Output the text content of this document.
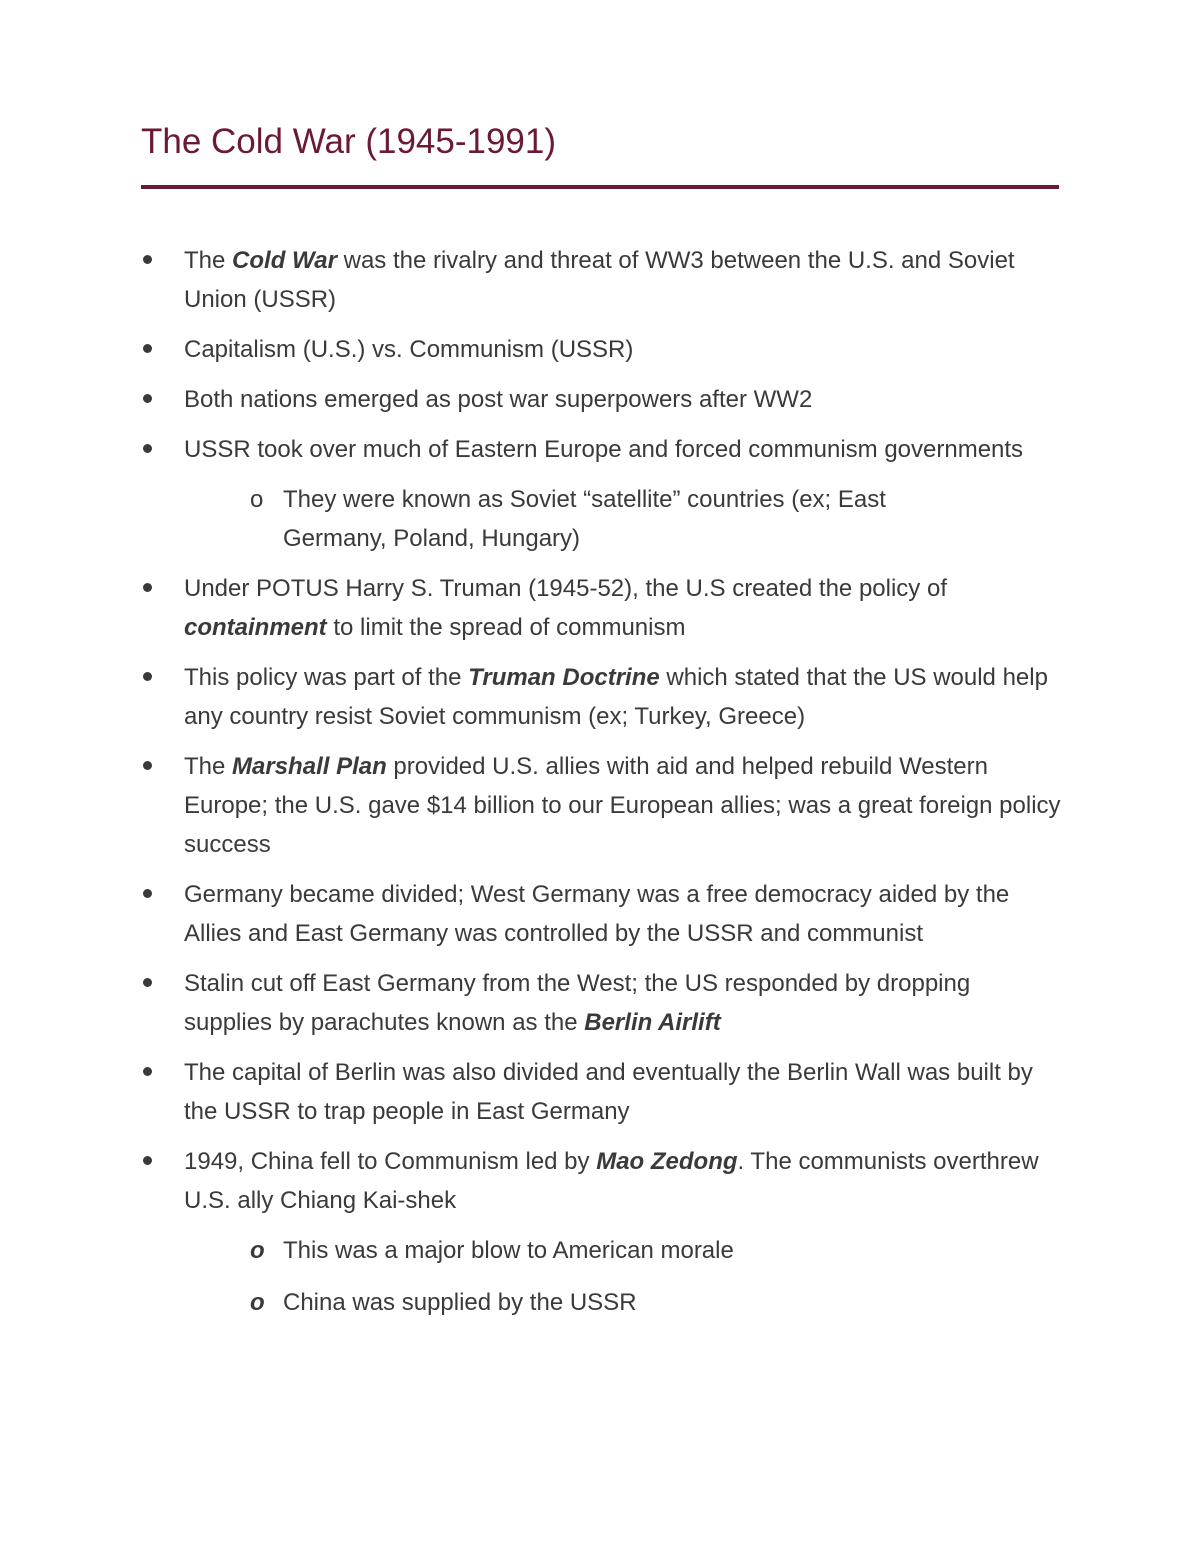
The Cold War (1945-1991)
The Cold War was the rivalry and threat of WW3 between the U.S. and Soviet Union (USSR)
Capitalism (U.S.) vs. Communism (USSR)
Both nations emerged as post war superpowers after WW2
USSR took over much of Eastern Europe and forced communism governments
o They were known as Soviet “satellite” countries (ex; East Germany, Poland, Hungary)
Under POTUS Harry S. Truman (1945-52), the U.S created the policy of containment to limit the spread of communism
This policy was part of the Truman Doctrine which stated that the US would help any country resist Soviet communism (ex; Turkey, Greece)
The Marshall Plan provided U.S. allies with aid and helped rebuild Western Europe; the U.S. gave $14 billion to our European allies; was a great foreign policy success
Germany became divided; West Germany was a free democracy aided by the Allies and East Germany was controlled by the USSR and communist
Stalin cut off East Germany from the West; the US responded by dropping supplies by parachutes known as the Berlin Airlift
The capital of Berlin was also divided and eventually the Berlin Wall was built by the USSR to trap people in East Germany
1949, China fell to Communism led by Mao Zedong. The communists overthrew U.S. ally Chiang Kai-shek
o This was a major blow to American morale
o China was supplied by the USSR
